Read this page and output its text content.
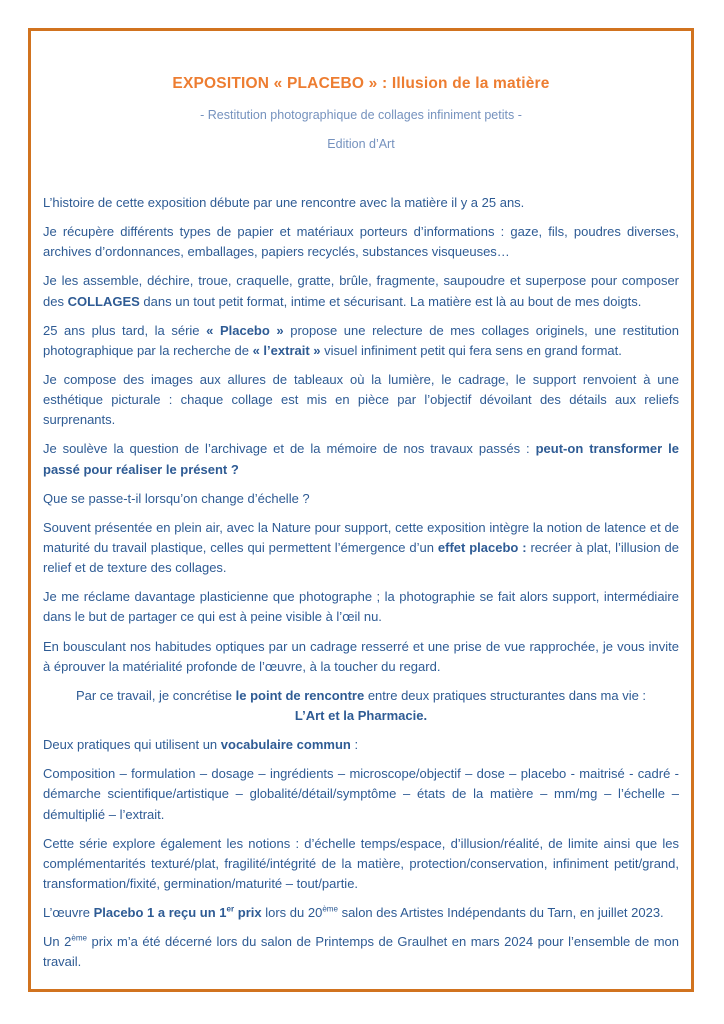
EXPOSITION « PLACEBO » : Illusion de la matière
- Restitution photographique de collages infiniment petits -
Edition d’Art

L’histoire de cette exposition débute par une rencontre avec la matière il y a 25 ans.

Je récupère différents types de papier et matériaux porteurs d’informations : gaze, fils, poudres diverses, archives d’ordonnances, emballages, papiers recyclés, substances visqueuses…

Je les assemble, déchire, troue, craquelle, gratte, brûle, fragmente, saupoudre et superpose pour composer des COLLAGES dans un tout petit format, intime et sécurisant. La matière est là au bout de mes doigts.

25 ans plus tard, la série « Placebo » propose une relecture de mes collages originels, une restitution photographique par la recherche de « l’extrait » visuel infiniment petit qui fera sens en grand format.

Je compose des images aux allures de tableaux où la lumière, le cadrage, le support renvoient à une esthétique picturale : chaque collage est mis en pièce par l’objectif dévoilant des détails aux reliefs surprenants.

Je soulève la question de l’archivage et de la mémoire de nos travaux passés : peut-on transformer le passé pour réaliser le présent ?

Que se passe-t-il lorsqu’on change d’échelle ?

Souvent présentée en plein air, avec la Nature pour support, cette exposition intègre la notion de latence et de maturité du travail plastique, celles qui permettent l’émergence d’un effet placebo : recréer à plat, l’illusion de relief et de texture des collages.

Je me réclame davantage plasticienne que photographe ; la photographie se fait alors support, intermédiaire dans le but de partager ce qui est à peine visible à l’œil nu.

En bousculant nos habitudes optiques par un cadrage resserré et une prise de vue rapprochée, je vous invite à éprouver la matérialité profonde de l’œuvre, à la toucher du regard.

Par ce travail, je concrétise le point de rencontre entre deux pratiques structurantes dans ma vie :
L’Art et la Pharmacie.

Deux pratiques qui utilisent un vocabulaire commun :

Composition – formulation – dosage – ingrédients – microscope/objectif – dose – placebo - maitrisé - cadré - démarche scientifique/artistique – globalité/détail/symptôme – états de la matière – mm/mg – l’échelle – démultiplié – l’extrait.

Cette série explore également les notions : d’échelle temps/espace, d’illusion/réalité, de limite ainsi que les complémentarités texturé/plat, fragilité/intégrité de la matière, protection/conservation, infiniment petit/grand, transformation/fixité, germination/maturité – tout/partie.

L’œuvre Placebo 1 a reçu un 1er prix lors du 20ème salon des Artistes Indépendants du Tarn, en juillet 2023.

Un 2ème prix m’a été décerné lors du salon de Printemps de Graulhet en mars 2024 pour l’ensemble de mon travail.
